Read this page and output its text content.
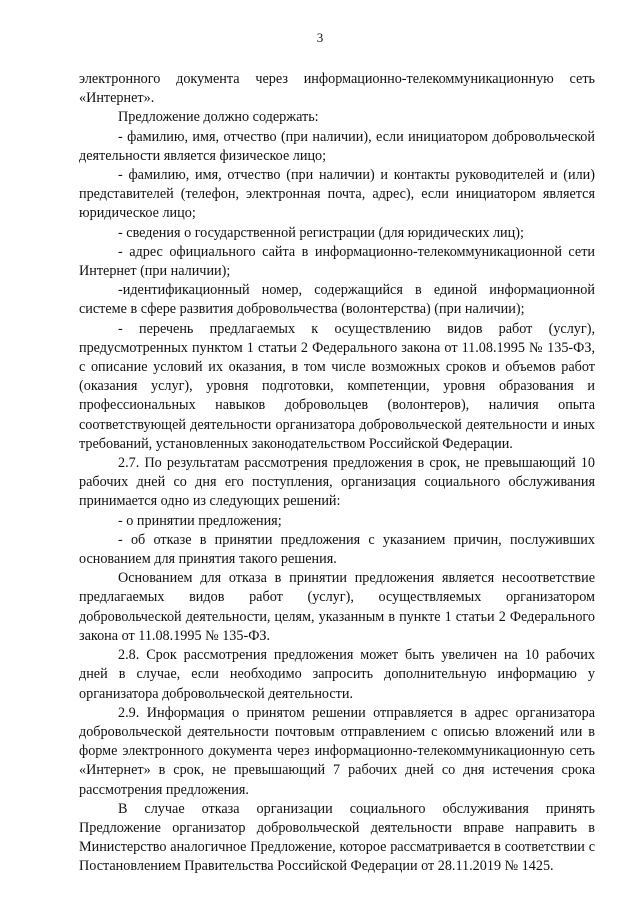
3

электронного документа через информационно-телекоммуникационную сеть «Интернет».

Предложение должно содержать:

- фамилию, имя, отчество (при наличии), если инициатором добровольческой деятельности является физическое лицо;

- фамилию, имя, отчество (при наличии) и контакты руководителей и (или) представителей (телефон, электронная почта, адрес), если инициатором является юридическое лицо;

- сведения о государственной регистрации (для юридических лиц);

- адрес официального сайта в информационно-телекоммуникационной сети Интернет (при наличии);

-идентификационный номер, содержащийся в единой информационной системе в сфере развития добровольчества (волонтерства) (при наличии);

- перечень предлагаемых к осуществлению видов работ (услуг), предусмотренных пунктом 1 статьи 2 Федерального закона от 11.08.1995 № 135-ФЗ, с описание условий их оказания, в том числе возможных сроков и объемов работ (оказания услуг), уровня подготовки, компетенции, уровня образования и профессиональных навыков добровольцев (волонтеров), наличия опыта соответствующей деятельности организатора добровольческой деятельности и иных требований, установленных законодательством Российской Федерации.

2.7. По результатам рассмотрения предложения в срок, не превышающий 10 рабочих дней со дня его поступления, организация социального обслуживания принимается одно из следующих решений:

- о принятии предложения;

- об отказе в принятии предложения с указанием причин, послуживших основанием для принятия такого решения.

Основанием для отказа в принятии предложения является несоответствие предлагаемых видов работ (услуг), осуществляемых организатором добровольческой деятельности, целям, указанным в пункте 1 статьи 2 Федерального закона от 11.08.1995 № 135-ФЗ.

2.8. Срок рассмотрения предложения может быть увеличен на 10 рабочих дней в случае, если необходимо запросить дополнительную информацию у организатора добровольческой деятельности.

2.9. Информация о принятом решении отправляется в адрес организатора добровольческой деятельности почтовым отправлением с описью вложений или в форме электронного документа через информационно-телекоммуникационную сеть «Интернет» в срок, не превышающий 7 рабочих дней со дня истечения срока рассмотрения предложения.

В случае отказа организации социального обслуживания принять Предложение организатор добровольческой деятельности вправе направить в Министерство аналогичное Предложение, которое рассматривается в соответствии с Постановлением Правительства Российской Федерации от 28.11.2019 № 1425.
